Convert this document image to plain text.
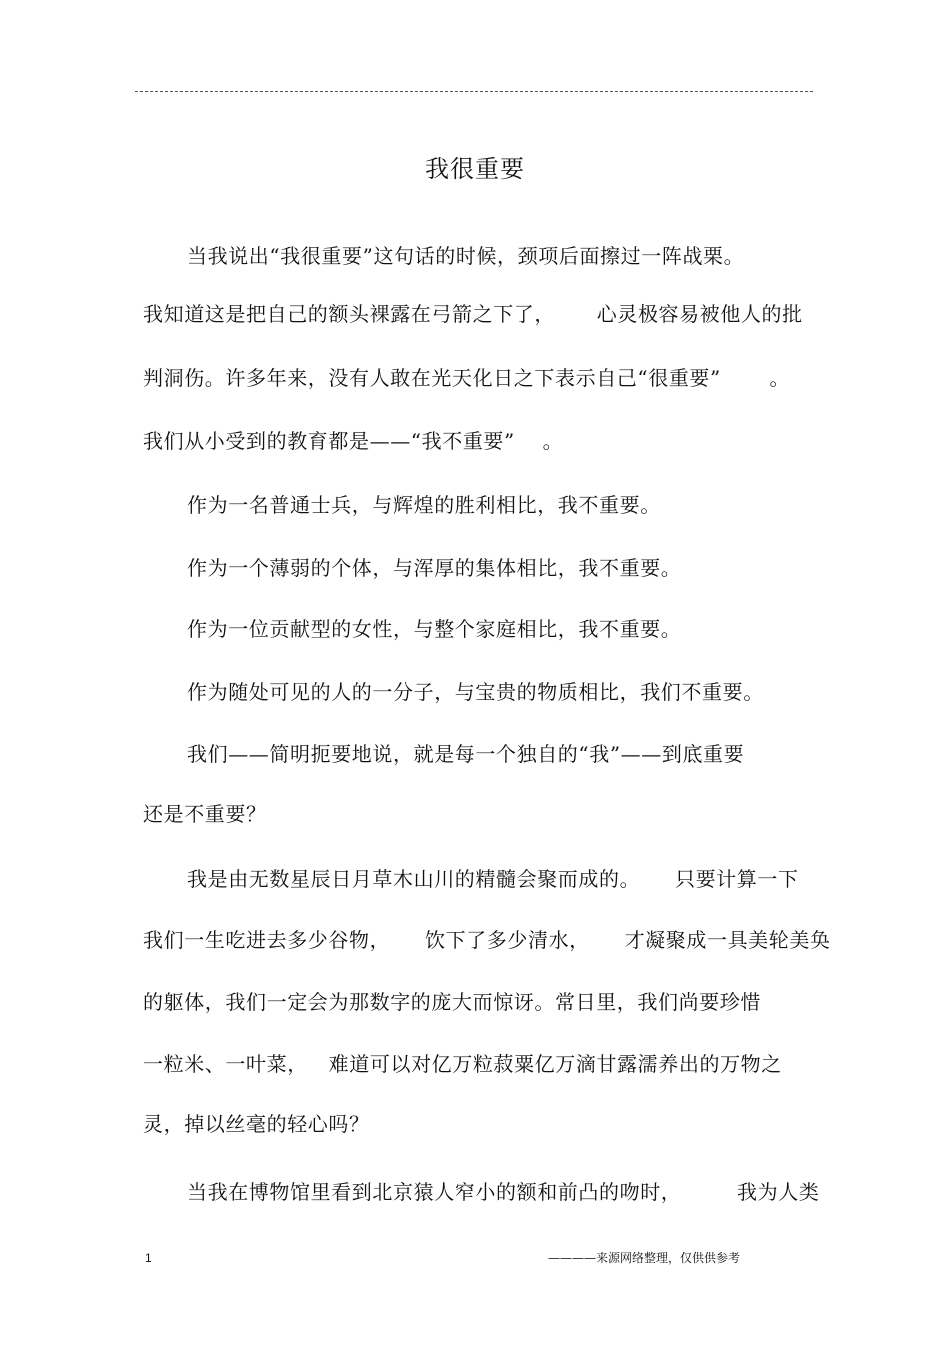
我很重要
当我说出“我很重要”这句话的时候，颈项后面擦过一阵战栗。
我知道这是把自己的额头裸露在弓箭之下了，      心灵极容易被他人的批
判洞伤。许多年来，没有人敢在光天化日之下表示自己“很重要”       。
我们从小受到的教育都是——“我不重要”    。
作为一名普通士兵，与辉煌的胜利相比，我不重要。
作为一个薄弱的个体，与浑厚的集体相比，我不重要。
作为一位贡献型的女性，与整个家庭相比，我不重要。
作为随处可见的人的一分子，与宝贵的物质相比，我们不重要。
我们——简明扼要地说，就是每一个独自的“我”——到底重要
还是不重要？
我是由无数星辰日月草木山川的精髓会聚而成的。     只要计算一下
我们一生吃进去多少谷物，     饮下了多少清水，     才凝聚成一具美轮美奂
的躯体，我们一定会为那数字的庞大而惊讶。常日里，我们尚要珍惜
一粒米、一叶菜，   难道可以对亿万粒菽粟亿万滴甘露濡养出的万物之
灵，掉以丝毫的轻心吗？
当我在博物馆里看到北京猿人窄小的额和前凸的吻时，        我为人类
1	————来源网络整理，仅供供参考
